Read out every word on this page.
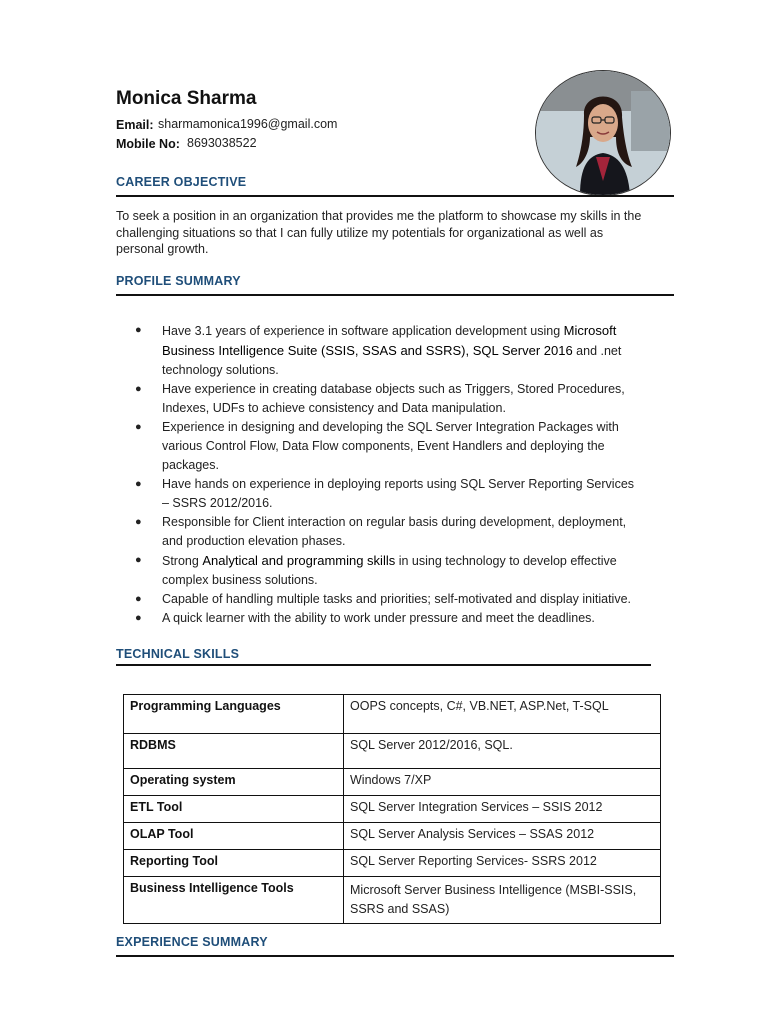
Monica Sharma
Email: sharmamonica1996@gmail.com
Mobile No: 8693038522
CAREER OBJECTIVE
To seek a position in an organization that provides me the platform to showcase my skills in the challenging situations so that I can fully utilize my potentials for organizational as well as personal growth.
PROFILE SUMMARY
● Have 3.1 years of experience in software application development using Microsoft Business Intelligence Suite (SSIS, SSAS and SSRS), SQL Server 2016 and .net technology solutions.
● Have experience in creating database objects such as Triggers, Stored Procedures, Indexes, UDFs to achieve consistency and Data manipulation.
● Experience in designing and developing the SQL Server Integration Packages with various Control Flow, Data Flow components, Event Handlers and deploying the packages.
● Have hands on experience in deploying reports using SQL Server Reporting Services – SSRS 2012/2016.
● Responsible for Client interaction on regular basis during development, deployment, and production elevation phases.
● Strong Analytical and programming skills in using technology to develop effective complex business solutions.
● Capable of handling multiple tasks and priorities; self-motivated and display initiative.
● A quick learner with the ability to work under pressure and meet the deadlines.
TECHNICAL SKILLS
Programming Languages	OOPS concepts, C#, VB.NET, ASP.Net, T-SQL
RDBMS	SQL Server 2012/2016, SQL.
Operating system	Windows 7/XP
ETL Tool	SQL Server Integration Services – SSIS 2012
OLAP Tool	SQL Server Analysis Services – SSAS 2012
Reporting Tool	SQL Server Reporting Services- SSRS 2012
Business Intelligence Tools	Microsoft Server Business Intelligence (MSBI-SSIS, SSRS and SSAS)
EXPERIENCE SUMMARY
